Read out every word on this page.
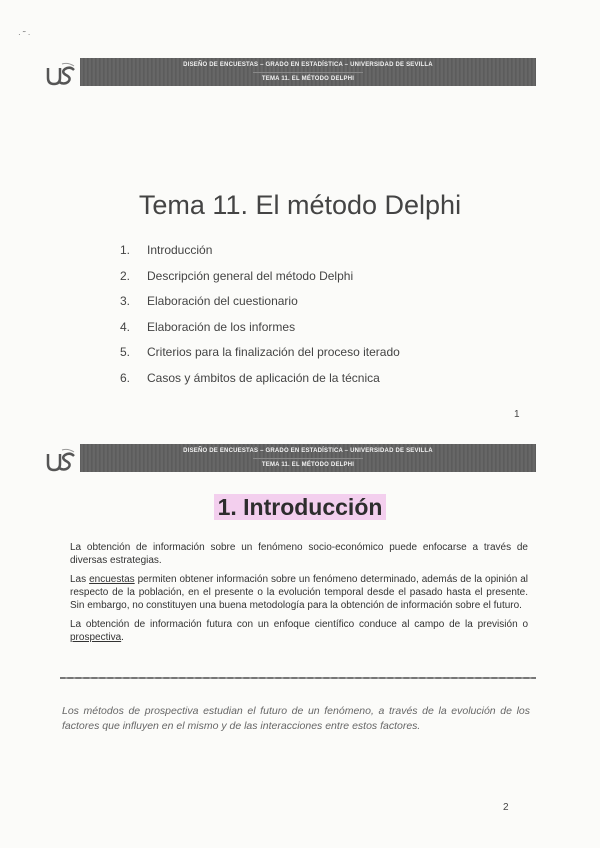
· ˜ ·
DISEÑO DE ENCUESTAS – GRADO EN ESTADÍSTICA – UNIVERSIDAD DE SEVILLA
TEMA 11. EL MÉTODO DELPHI
Tema 11. El método Delphi
1. Introducción
2. Descripción general del método Delphi
3. Elaboración del cuestionario
4. Elaboración de los informes
5. Criterios para la finalización del proceso iterado
6. Casos y ámbitos de aplicación de la técnica
1
DISEÑO DE ENCUESTAS – GRADO EN ESTADÍSTICA – UNIVERSIDAD DE SEVILLA
TEMA 11. EL MÉTODO DELPHI
1. Introducción

La obtención de información sobre un fenómeno socio-económico puede enfocarse a través de diversas estrategias.

Las encuestas permiten obtener información sobre un fenómeno determinado, además de la opinión al respecto de la población, en el presente o la evolución temporal desde el pasado hasta el presente. Sin embargo, no constituyen una buena metodología para la obtención de información sobre el futuro.

La obtención de información futura con un enfoque científico conduce al campo de la previsión o prospectiva.

Los métodos de prospectiva estudian el futuro de un fenómeno, a través de la evolución de los factores que influyen en el mismo y de las interacciones entre estos factores.
2
